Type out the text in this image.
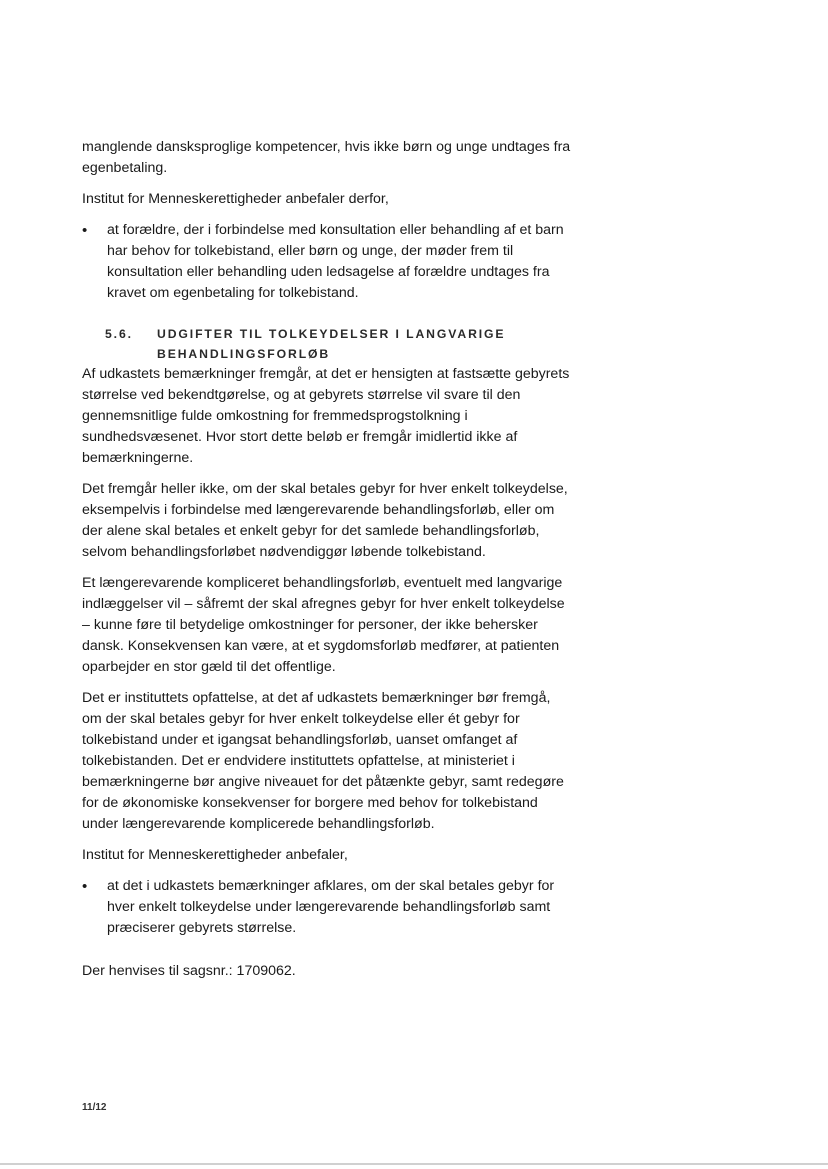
manglende dansksproglige kompetencer, hvis ikke børn og unge undtages fra egenbetaling.

Institut for Menneskerettigheder anbefaler derfor,

• at forældre, der i forbindelse med konsultation eller behandling af et barn har behov for tolkebistand, eller børn og unge, der møder frem til konsultation eller behandling uden ledsagelse af forældre undtages fra kravet om egenbetaling for tolkebistand.
5.6.	UDGIFTER TIL TOLKEYDELSER I LANGVARIGE BEHANDLINGSFORLØB

Af udkastets bemærkninger fremgår, at det er hensigten at fastsætte gebyrets størrelse ved bekendtgørelse, og at gebyrets størrelse vil svare til den gennemsnitlige fulde omkostning for fremmedsprogstolkning i sundhedsvæsenet. Hvor stort dette beløb er fremgår imidlertid ikke af bemærkningerne.

Det fremgår heller ikke, om der skal betales gebyr for hver enkelt tolkeydelse, eksempelvis i forbindelse med længerevarende behandlingsforløb, eller om der alene skal betales et enkelt gebyr for det samlede behandlingsforløb, selvom behandlingsforløbet nødvendiggør løbende tolkebistand.

Et længerevarende kompliceret behandlingsforløb, eventuelt med langvarige indlæggelser vil – såfremt der skal afregnes gebyr for hver enkelt tolkeydelse – kunne føre til betydelige omkostninger for personer, der ikke behersker dansk. Konsekvensen kan være, at et sygdomsforløb medfører, at patienten oparbejder en stor gæld til det offentlige.

Det er instituttets opfattelse, at det af udkastets bemærkninger bør fremgå, om der skal betales gebyr for hver enkelt tolkeydelse eller ét gebyr for tolkebistand under et igangsat behandlingsforløb, uanset omfanget af tolkebistanden. Det er endvidere instituttets opfattelse, at ministeriet i bemærkningerne bør angive niveauet for det påtænkte gebyr, samt redegøre for de økonomiske konsekvenser for borgere med behov for tolkebistand under længerevarende komplicerede behandlingsforløb.

Institut for Menneskerettigheder anbefaler,

• at det i udkastets bemærkninger afklares, om der skal betales gebyr for hver enkelt tolkeydelse under længerevarende behandlingsforløb samt præciserer gebyrets størrelse.

Der henvises til sagsnr.: 1709062.

11/12
